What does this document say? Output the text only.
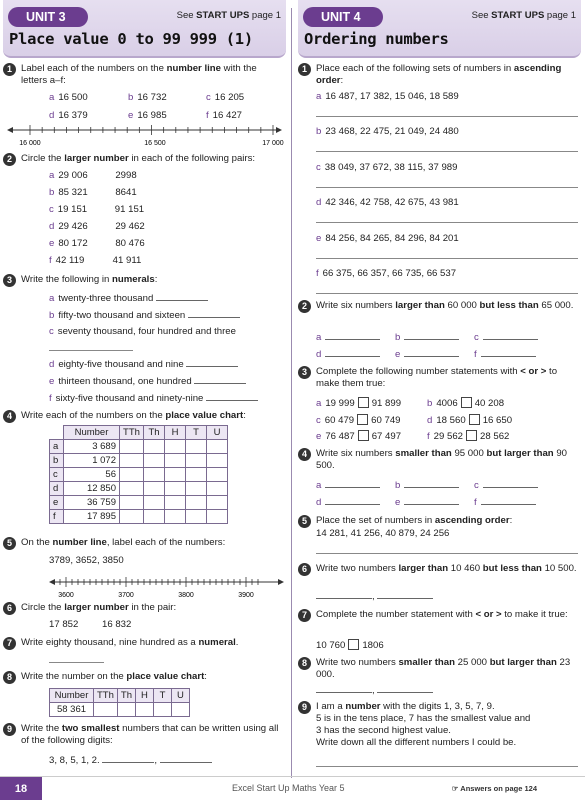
UNIT 3	See START UPS page 1
Place value 0 to 99 999 (1)
1 Label each of the numbers on the number line with the letters a–f:
a 16 500	b 16 732	c 16 205
d 16 379	e 16 985	f 16 427
16 000	16 500	17 000
2 Circle the larger number in each of the following pairs:
a 29 006	2998
b 85 321	8641
c 19 151	91 151
d 29 426	29 462
e 80 172	80 476
f 42 119	41 911
3 Write the following in numerals:
a twenty-three thousand
b fifty-two thousand and sixteen
c seventy thousand, four hundred and three
d eighty-five thousand and nine
e thirteen thousand, one hundred
f sixty-five thousand and ninety-nine
4 Write each of the numbers on the place value chart:
	Number	TTh	Th	H	T	U
a	3 689					
b	1 072					
c	56					
d	12 850					
e	36 759					
f	17 895					
5 On the number line, label each of the numbers:
3789, 3652, 3850
3600	3700	3800	3900
6 Circle the larger number in the pair:
17 852 16 832
7 Write eighty thousand, nine hundred as a numeral.
8 Write the number on the place value chart:
Number	TTh	Th	H	T	U
58 361					
9 Write the two smallest numbers that can be written using all of the following digits:
3, 8, 5, 1, 2.	,
UNIT 4	See START UPS page 1
Ordering numbers
1 Place each of the following sets of numbers in ascending order:
a 16 487, 17 382, 15 046, 18 589
b 23 468, 22 475, 21 049, 24 480
c 38 049, 37 672, 38 115, 37 989
d 42 346, 42 758, 42 675, 43 981
e 84 256, 84 265, 84 296, 84 201
f 66 375, 66 357, 66 735, 66 537
2 Write six numbers larger than 60 000 but less than 65 000.
a	b	c
d	e	f
3 Complete the following number statements with < or > to make them true:
a 19 999 91 899	b 4006 40 208
c 60 479 60 749	d 18 560 16 650
e 76 487 67 497	f 29 562 28 562
4 Write six numbers smaller than 95 000 but larger than 90 500.
a	b	c
d	e	f
5 Place the set of numbers in ascending order:
14 281, 41 256, 40 879, 24 256
6 Write two numbers larger than 10 460 but less than 10 500.
,
7 Complete the number statement with < or > to make it true:
10 760 1806
8 Write two numbers smaller than 25 000 but larger than 23 000.
,
9 I am a number with the digits 1, 3, 5, 7, 9.
5 is in the tens place, 7 has the smallest value and
3 has the second highest value.
Write down all the different numbers I could be.
18	Excel Start Up Maths Year 5	☞ Answers on page 124
